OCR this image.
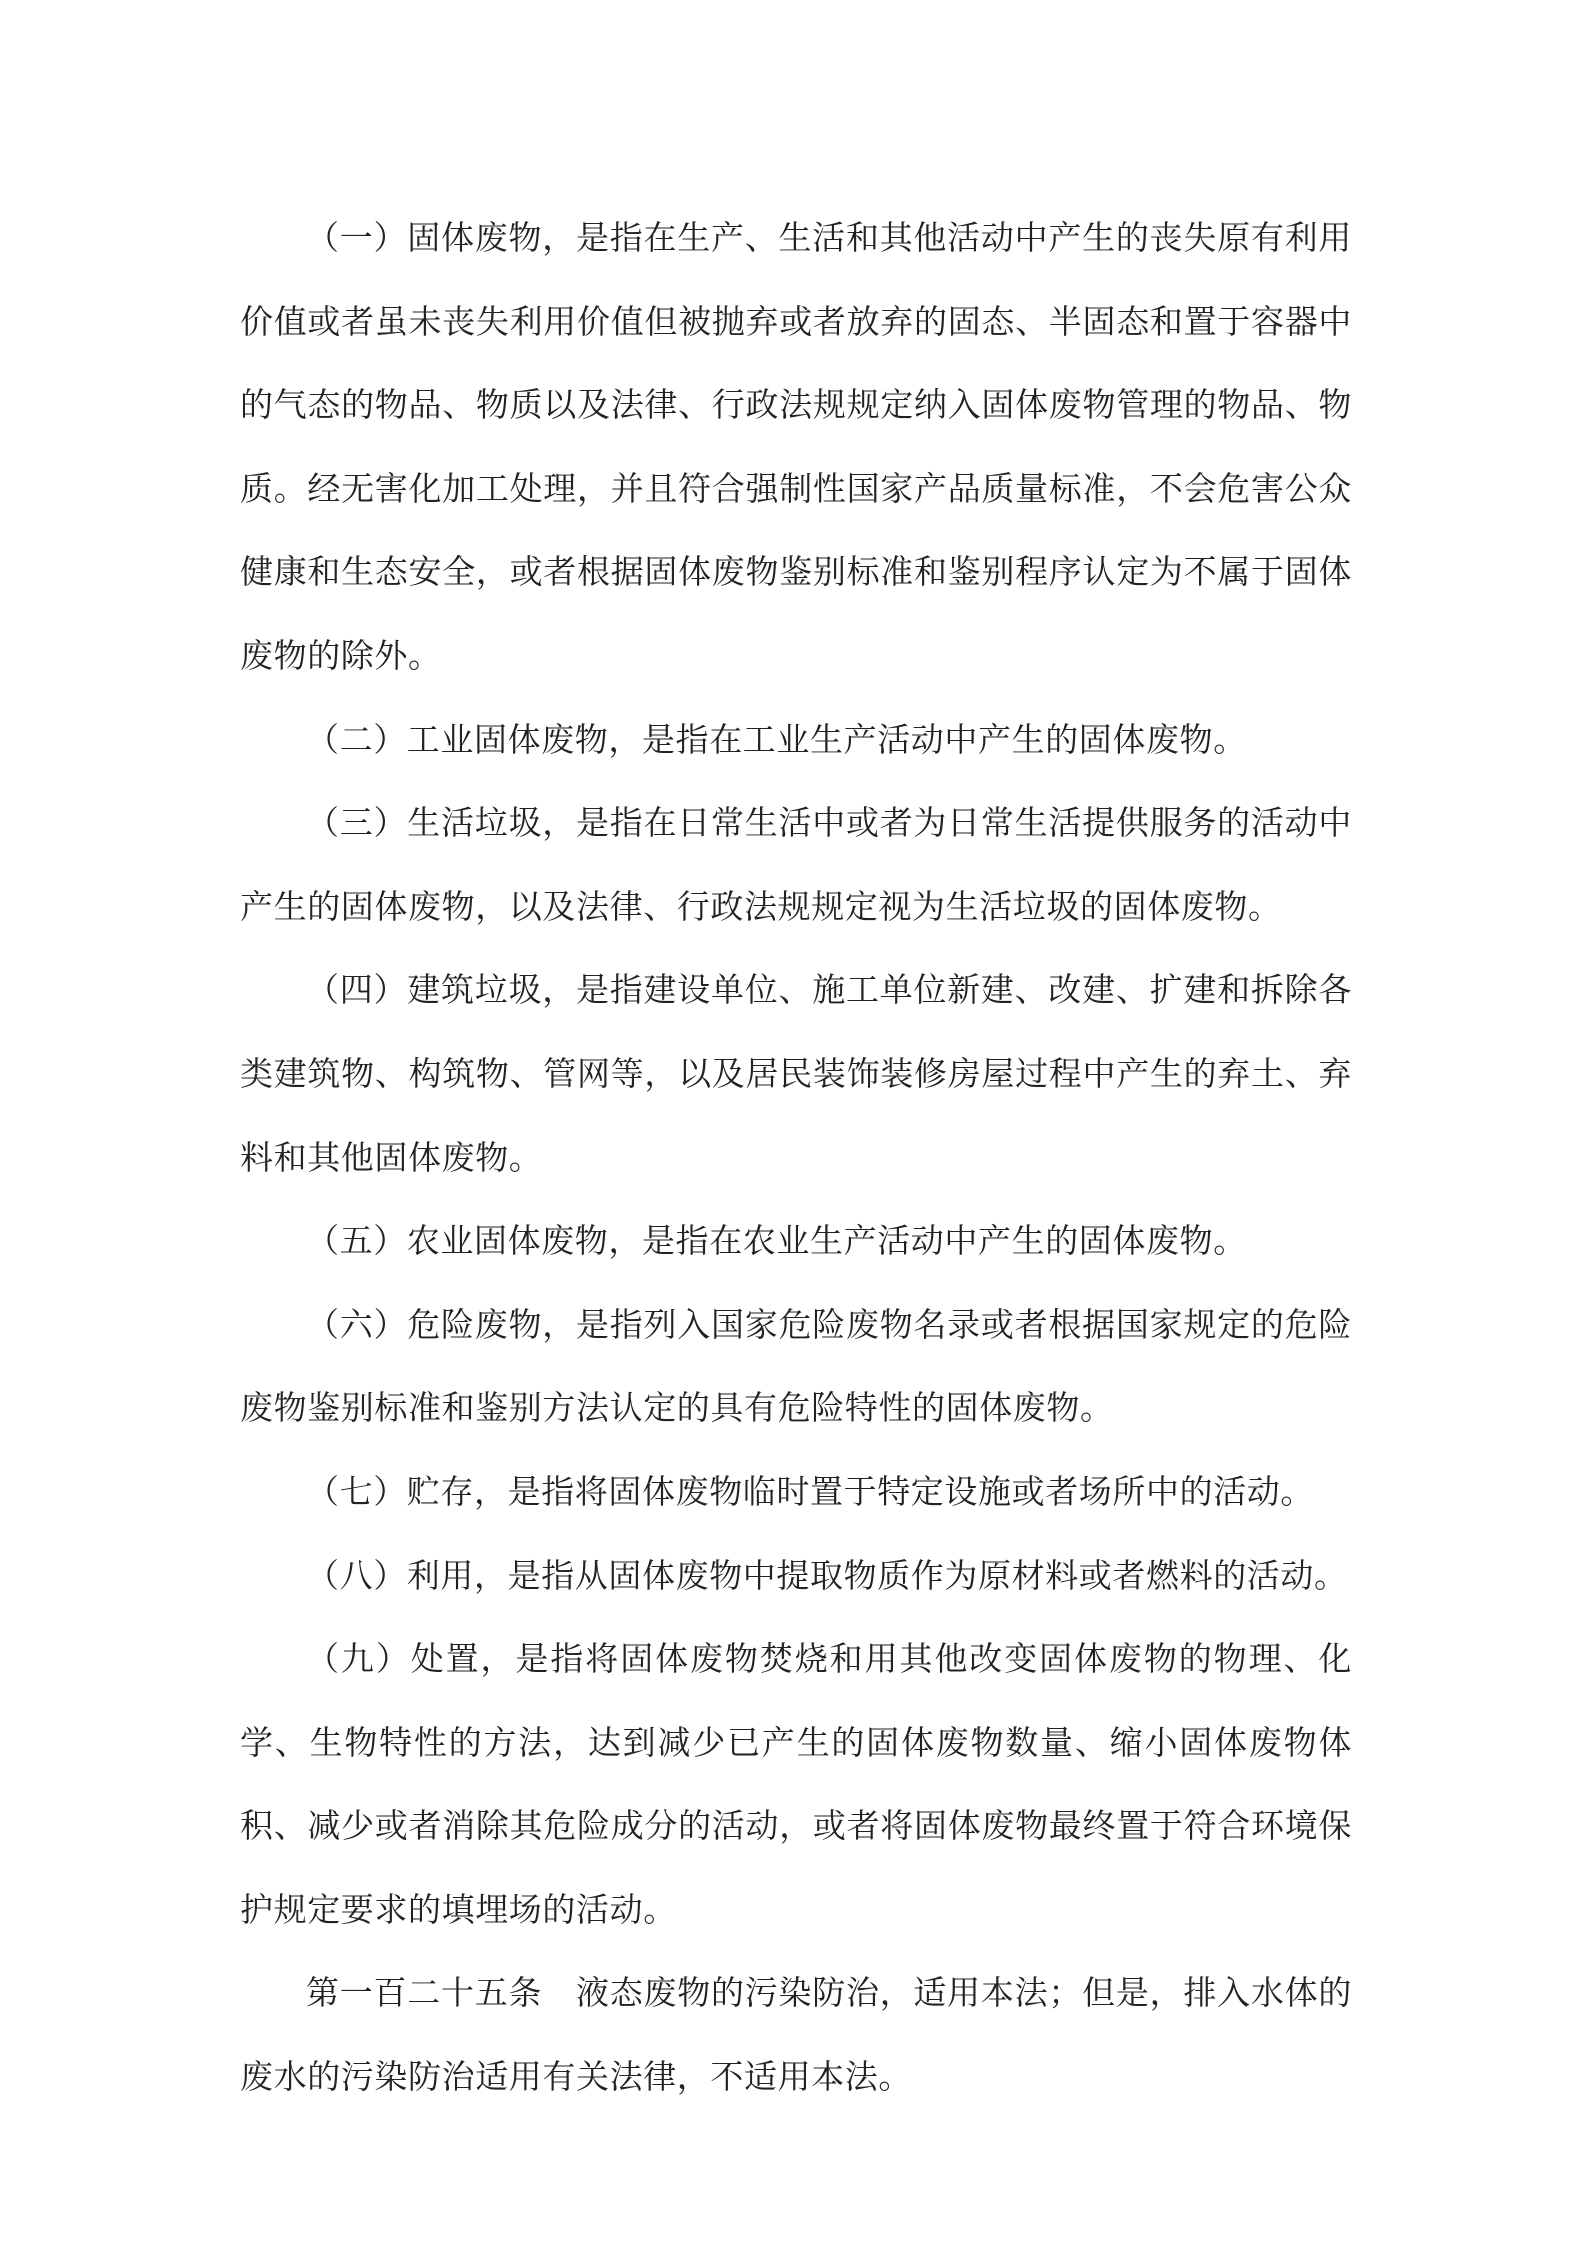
（一）固体废物，是指在生产、生活和其他活动中产生的丧失原有利用价值或者虽未丧失利用价值但被抛弃或者放弃的固态、半固态和置于容器中的气态的物品、物质以及法律、行政法规规定纳入固体废物管理的物品、物质。经无害化加工处理，并且符合强制性国家产品质量标准，不会危害公众健康和生态安全，或者根据固体废物鉴别标准和鉴别程序认定为不属于固体废物的除外。

（二）工业固体废物，是指在工业生产活动中产生的固体废物。

（三）生活垃圾，是指在日常生活中或者为日常生活提供服务的活动中产生的固体废物，以及法律、行政法规规定视为生活垃圾的固体废物。

（四）建筑垃圾，是指建设单位、施工单位新建、改建、扩建和拆除各类建筑物、构筑物、管网等，以及居民装饰装修房屋过程中产生的弃土、弃料和其他固体废物。

（五）农业固体废物，是指在农业生产活动中产生的固体废物。

（六）危险废物，是指列入国家危险废物名录或者根据国家规定的危险废物鉴别标准和鉴别方法认定的具有危险特性的固体废物。

（七）贮存，是指将固体废物临时置于特定设施或者场所中的活动。

（八）利用，是指从固体废物中提取物质作为原材料或者燃料的活动。

（九）处置，是指将固体废物焚烧和用其他改变固体废物的物理、化学、生物特性的方法，达到减少已产生的固体废物数量、缩小固体废物体积、减少或者消除其危险成分的活动，或者将固体废物最终置于符合环境保护规定要求的填埋场的活动。

第一百二十五条　液态废物的污染防治，适用本法；但是，排入水体的废水的污染防治适用有关法律，不适用本法。
